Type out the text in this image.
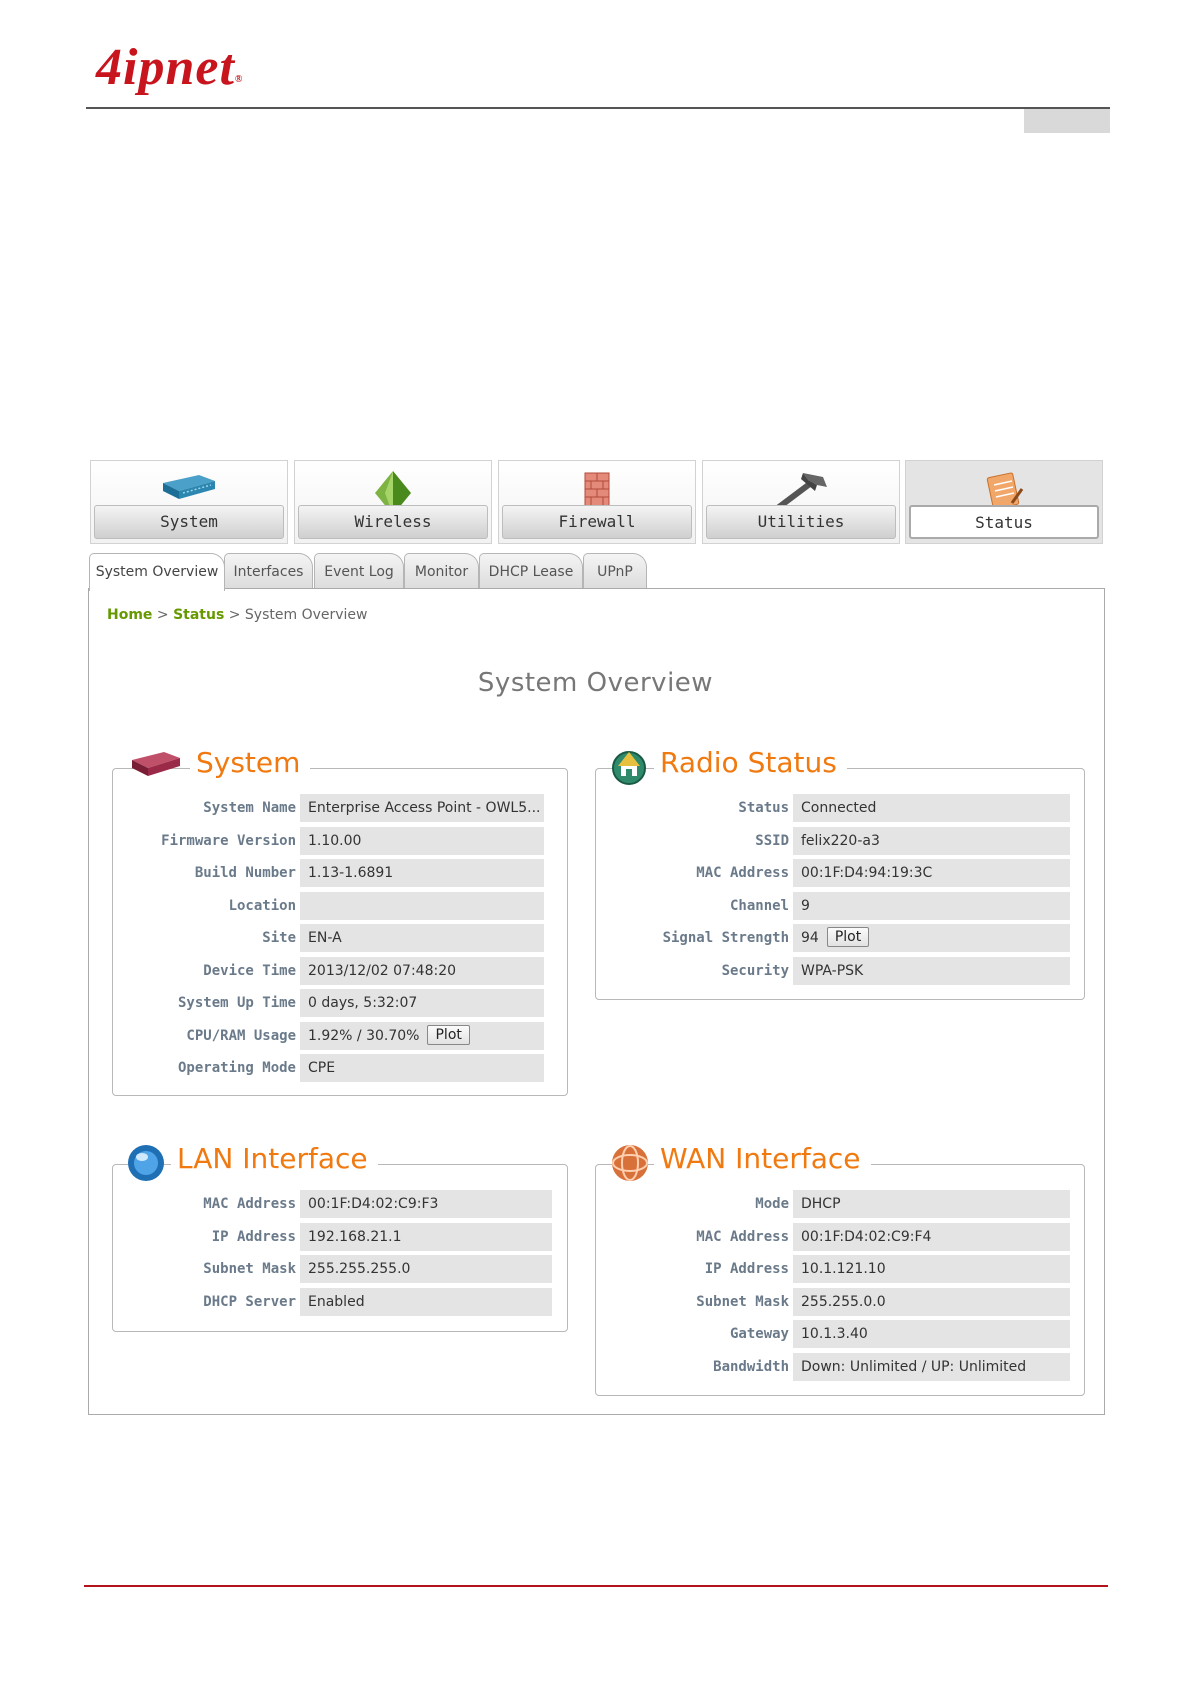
4ipnet®
System	Wireless	Firewall	Utilities	Status
System Overview	Interfaces	Event Log	Monitor	DHCP Lease	UPnP
Home > Status > System Overview
System Overview
System
System Name Enterprise Access Point - OWL5...
Firmware Version 1.10.00
Build Number 1.13-1.6891
Location
Site EN-A
Device Time 2013/12/02 07:48:20
System Up Time 0 days, 5:32:07
CPU/RAM Usage 1.92% / 30.70% Plot
Operating Mode CPE
Radio Status
Status Connected
SSID felix220-a3
MAC Address 00:1F:D4:94:19:3C
Channel 9
Signal Strength 94 Plot
Security WPA-PSK
LAN Interface
MAC Address 00:1F:D4:02:C9:F3
IP Address 192.168.21.1
Subnet Mask 255.255.255.0
DHCP Server Enabled
WAN Interface
Mode DHCP
MAC Address 00:1F:D4:02:C9:F4
IP Address 10.1.121.10
Subnet Mask 255.255.0.0
Gateway 10.1.3.40
Bandwidth Down: Unlimited / UP: Unlimited
